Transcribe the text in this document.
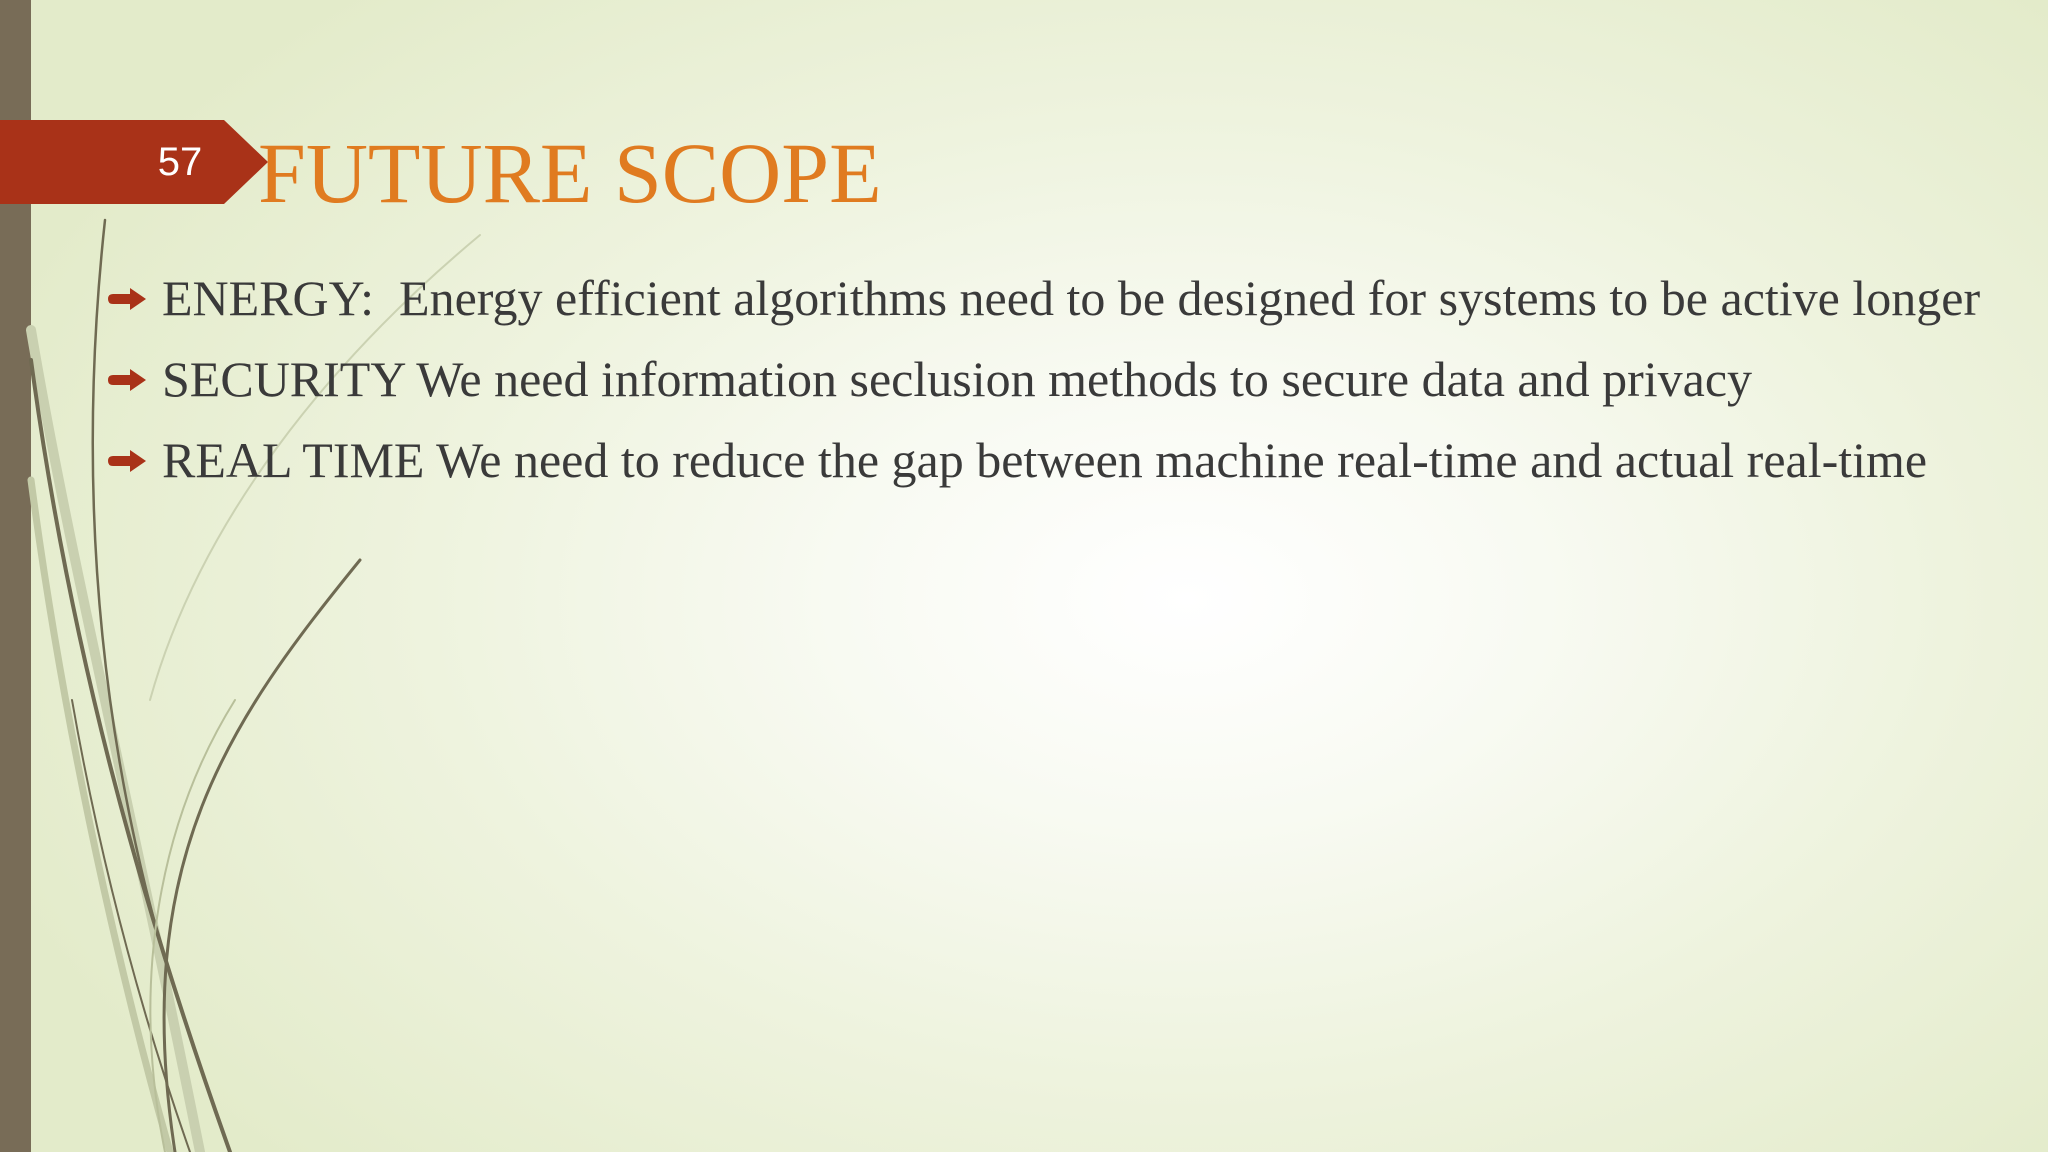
57 FUTURE SCOPE
ENERGY:  Energy efficient algorithms need to be designed for systems to be active longer
SECURITY We need information seclusion methods to secure data and privacy
REAL TIME We need to reduce the gap between machine real-time and actual real-time
